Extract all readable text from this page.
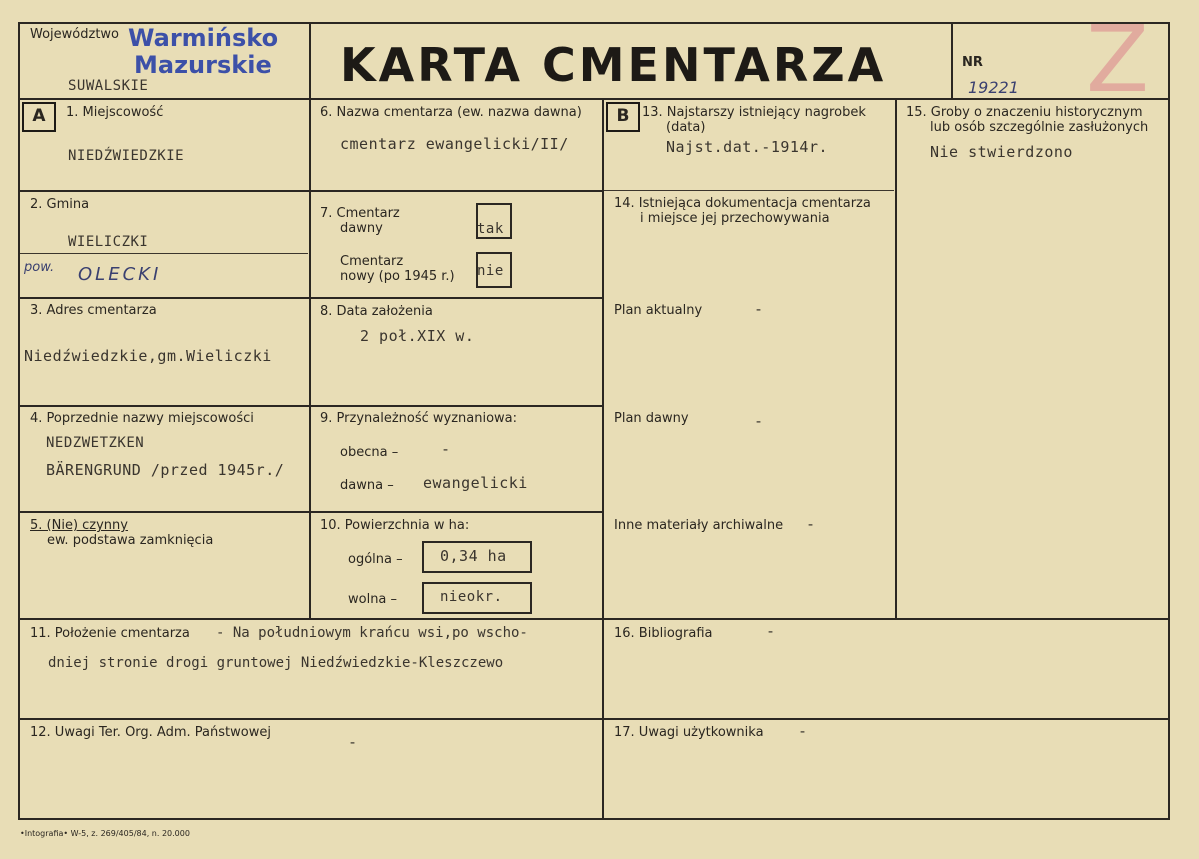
Województwo Warmińsko
Mazurskie
SUWALSKIE	KARTA CMENTARZA	NR
19221 Z
A	B
1. Miejscowość
NIEDŹWIEDZKIE
2. Gmina
WIELICZKI
pow. OLECKI
3. Adres cmentarza
Niedźwiedzkie,gm.Wieliczki
4. Poprzednie nazwy miejscowości
NEDZWETZKEN
BÄRENGRUND /przed 1945r./
5. (Nie) czynny
ew. podstawa zamknięcia
6. Nazwa cmentarza (ew. nazwa dawna)
cmentarz ewangelicki/II/
7. Cmentarz
dawny	tak
Cmentarz
nowy (po 1945 r.) nie
8. Data założenia
2 poł.XIX w.
9. Przynależność wyznaniowa:
obecna –	-
dawna – ewangelicki
10. Powierzchnia w ha:
ogólna – 0,34 ha
wolna –	nieokr.
13. Najstarszy istniejący nagrobek
(data)
Najst.dat.-1914r.
14. Istniejąca dokumentacja cmentarza
i miejsce jej przechowywania
Plan aktualny	-
Plan dawny	-
Inne materiały archiwalne -
15. Groby o znaczeniu historycznym
lub osób szczególnie zasłużonych
Nie stwierdzono
11. Położenie cmentarza - Na południowym krańcu wsi,po wscho-
dniej stronie drogi gruntowej Niedźwiedzkie-Kleszczewo
16. Bibliografia	-
12. Uwagi Ter. Org. Adm. Państwowej
-
17. Uwagi użytkownika -
•Intografia• W-5, z. 269/405/84, n. 20.000
